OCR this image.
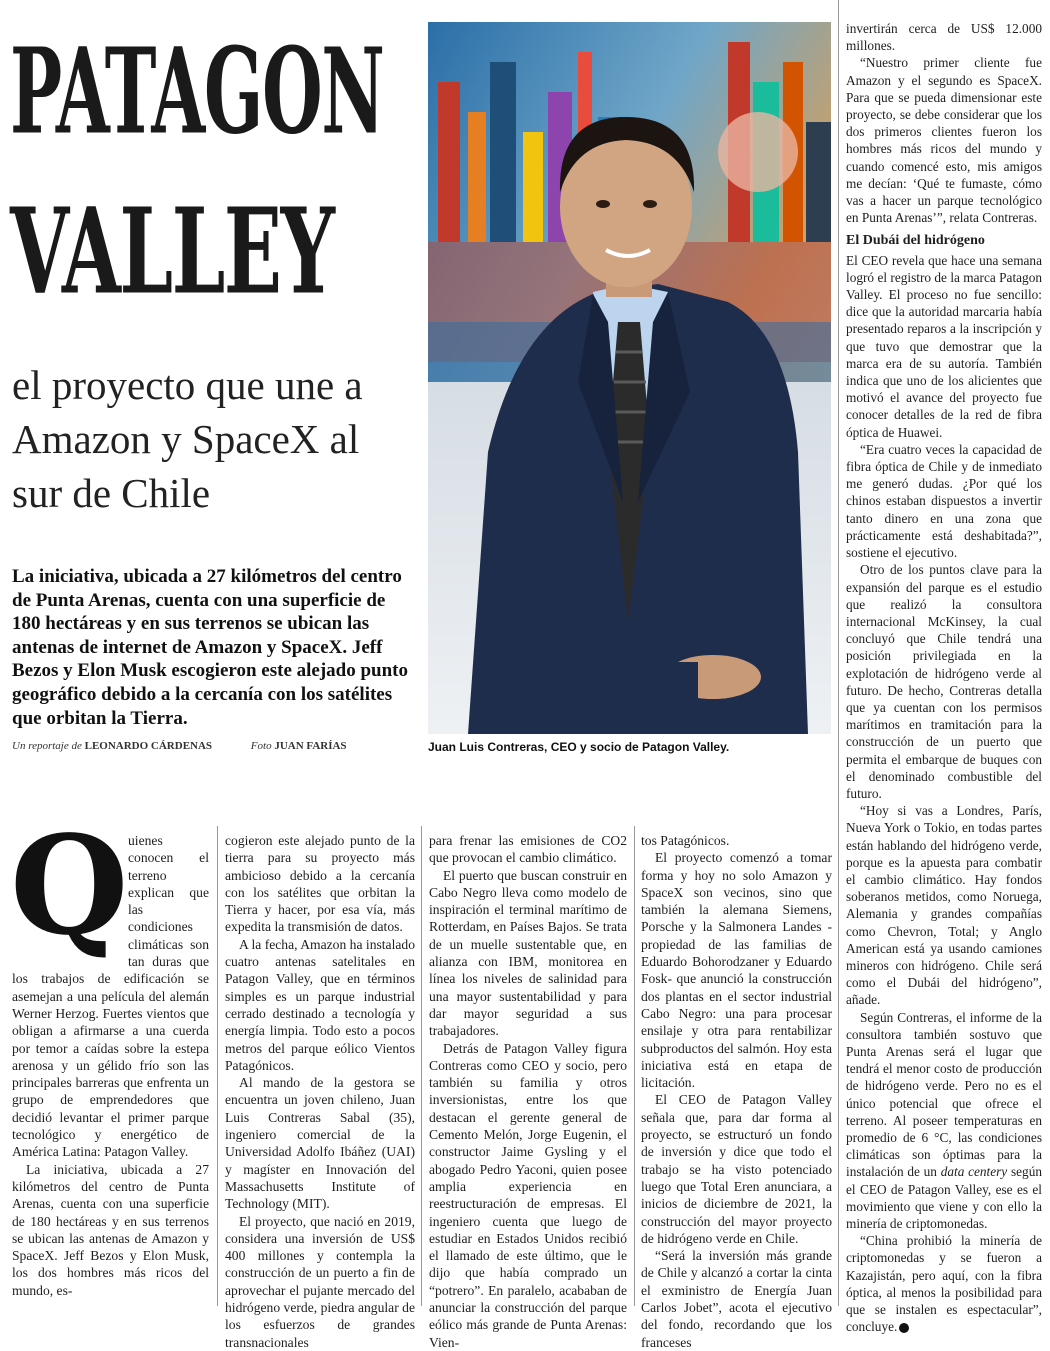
PATAGON
VALLEY
el proyecto que une a Amazon y SpaceX al sur de Chile
La iniciativa, ubicada a 27 kilómetros del centro de Punta Arenas, cuenta con una superficie de 180 hectáreas y en sus terrenos se ubican las antenas de internet de Amazon y SpaceX. Jeff Bezos y Elon Musk escogieron este alejado punto geográfico debido a la cercanía con los satélites que orbitan la Tierra.
Un reportaje de LEONARDO CÁRDENAS	Foto JUAN FARÍAS	Juan Luis Contreras, CEO y socio de Patagon Valley.

Q uienes conocen el terreno explican que las condiciones climáticas son tan duras que los trabajos de edificación se asemejan a una película del alemán Werner Herzog. Fuertes vientos que obligan a afirmarse a una cuerda por temor a caídas sobre la estepa arenosa y un gélido frío son las principales barreras que enfrenta un grupo de emprendedores que decidió levantar el primer parque tecnológico y energético de América Latina: Patagon Valley.

La iniciativa, ubicada a 27 kilómetros del centro de Punta Arenas, cuenta con una superficie de 180 hectáreas y en sus terrenos se ubican las antenas de Amazon y SpaceX. Jeff Bezos y Elon Musk, los dos hombres más ricos del mundo, es-

cogieron este alejado punto de la tierra para su proyecto más ambicioso debido a la cercanía con los satélites que orbitan la Tierra y hacer, por esa vía, más expedita la transmisión de datos.

A la fecha, Amazon ha instalado cuatro antenas satelitales en Patagon Valley, que en términos simples es un parque industrial cerrado destinado a tecnología y energía limpia. Todo esto a pocos metros del parque eólico Vientos Patagónicos.

Al mando de la gestora se encuentra un joven chileno, Juan Luis Contreras Sabal (35), ingeniero comercial de la Universidad Adolfo Ibáñez (UAI) y magíster en Innovación del Massachusetts Institute of Technology (MIT).

El proyecto, que nació en 2019, considera una inversión de US$ 400 millones y contempla la construcción de un puerto a fin de aprovechar el pujante mercado del hidrógeno verde, piedra angular de los esfuerzos de grandes transnacionales

para frenar las emisiones de CO2 que provocan el cambio climático.

El puerto que buscan construir en Cabo Negro lleva como modelo de inspiración el terminal marítimo de Rotterdam, en Países Bajos. Se trata de un muelle sustentable que, en alianza con IBM, monitorea en línea los niveles de salinidad para una mayor sustentabilidad y para dar mayor seguridad a sus trabajadores.

Detrás de Patagon Valley figura Contreras como CEO y socio, pero también su familia y otros inversionistas, entre los que destacan el gerente general de Cemento Melón, Jorge Eugenin, el constructor Jaime Gysling y el abogado Pedro Yaconi, quien posee amplia experiencia en reestructuración de empresas. El ingeniero cuenta que luego de estudiar en Estados Unidos recibió el llamado de este último, que le dijo que había comprado un “potrero”. En paralelo, acababan de anunciar la construcción del parque eólico más grande de Punta Arenas: Vien-

tos Patagónicos.

El proyecto comenzó a tomar forma y hoy no solo Amazon y SpaceX son vecinos, sino que también la alemana Siemens, Porsche y la Salmonera Landes -propiedad de las familias de Eduardo Bohorodzaner y Eduardo Fosk- que anunció la construcción dos plantas en el sector industrial Cabo Negro: una para procesar ensilaje y otra para rentabilizar subproductos del salmón. Hoy esta iniciativa está en etapa de licitación.

El CEO de Patagon Valley señala que, para dar forma al proyecto, se estructuró un fondo de inversión y dice que todo el trabajo se ha visto potenciado luego que Total Eren anunciara, a inicios de diciembre de 2021, la construcción del mayor proyecto de hidrógeno verde en Chile.

“Será la inversión más grande de Chile y alcanzó a cortar la cinta el exministro de Energía Juan Carlos Jobet”, acota el ejecutivo del fondo, recordando que los franceses

invertirán cerca de US$ 12.000 millones.

“Nuestro primer cliente fue Amazon y el segundo es SpaceX. Para que se pueda dimensionar este proyecto, se debe considerar que los dos primeros clientes fueron los hombres más ricos del mundo y cuando comencé esto, mis amigos me decían: ‘Qué te fumaste, cómo vas a hacer un parque tecnológico en Punta Arenas’”, relata Contreras.

El Dubái del hidrógeno

El CEO revela que hace una semana logró el registro de la marca Patagon Valley. El proceso no fue sencillo: dice que la autoridad marcaria había presentado reparos a la inscripción y que tuvo que demostrar que la marca era de su autoría. También indica que uno de los alicientes que motivó el avance del proyecto fue conocer detalles de la red de fibra óptica de Huawei.

“Era cuatro veces la capacidad de fibra óptica de Chile y de inmediato me generó dudas. ¿Por qué los chinos estaban dispuestos a invertir tanto dinero en una zona que prácticamente está deshabitada?”, sostiene el ejecutivo.

Otro de los puntos clave para la expansión del parque es el estudio que realizó la consultora internacional McKinsey, la cual concluyó que Chile tendrá una posición privilegiada en la explotación de hidrógeno verde al futuro. De hecho, Contreras detalla que ya cuentan con los permisos marítimos en tramitación para la construcción de un puerto que permita el embarque de buques con el denominado combustible del futuro.

“Hoy si vas a Londres, París, Nueva York o Tokio, en todas partes están hablando del hidrógeno verde, porque es la apuesta para combatir el cambio climático. Hay fondos soberanos metidos, como Noruega, Alemania y grandes compañías como Chevron, Total; y Anglo American está ya usando camiones mineros con hidrógeno. Chile será como el Dubái del hidrógeno”, añade.

Según Contreras, el informe de la consultora también sostuvo que Punta Arenas será el lugar que tendrá el menor costo de producción de hidrógeno verde. Pero no es el único potencial que ofrece el terreno. Al poseer temperaturas en promedio de 6 °C, las condiciones climáticas son óptimas para la instalación de un data centery según el CEO de Patagon Valley, ese es el movimiento que viene y con ello la minería de criptomonedas.

“China prohibió la minería de criptomonedas y se fueron a Kazajistán, pero aquí, con la fibra óptica, al menos la posibilidad para que se instalen es espectacular”, concluye.
